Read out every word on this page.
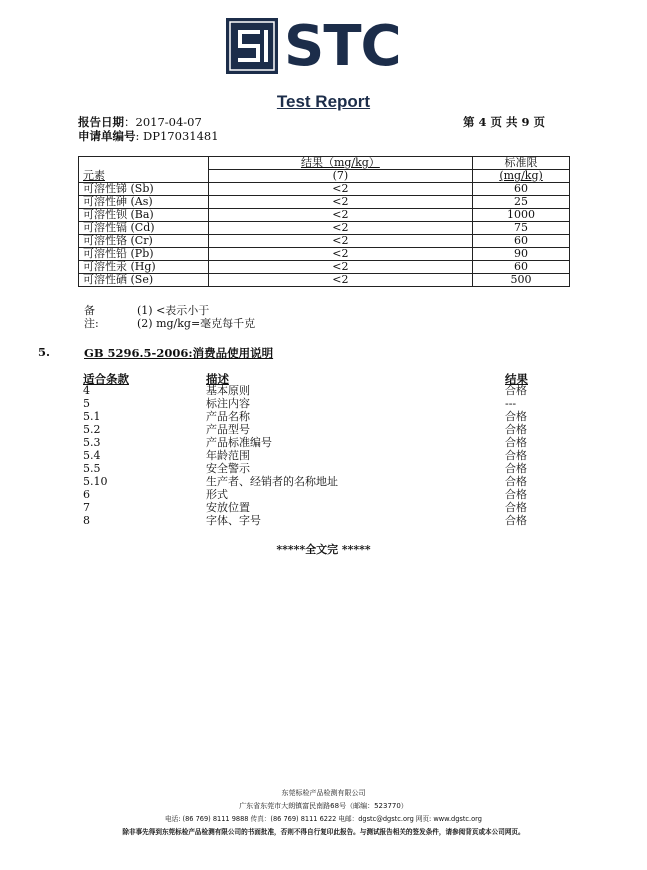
STC
Test Report
报告日期：2017-04-07
申请单编号: DP17031481
第 4 页 共 9 页
元素	结果（mg/kg）	标准限
	(7)	(mg/kg)
可溶性锑 (Sb)	<2	60
可溶性砷 (As)	<2	25
可溶性钡 (Ba)	<2	1000
可溶性镉 (Cd)	<2	75
可溶性铬 (Cr)	<2	60
可溶性铅 (Pb)	<2	90
可溶性汞 (Hg)	<2	60
可溶性硒 (Se)	<2	500
备注:
(1) <表示小于
(2) mg/kg=毫克每千克
5.	GB 5296.5-2006:消费品使用说明
适合条款	描述	结果
4	基本原则	合格
5	标注内容	---
5.1	产品名称	合格
5.2	产品型号	合格
5.3	产品标准编号	合格
5.4	年龄范围	合格
5.5	安全警示	合格
5.10	生产者、经销者的名称地址	合格
6	形式	合格
7	安放位置	合格
8	字体、字号	合格
*****全文完 *****
东莞标检产品检测有限公司
广东省东莞市大朗镇富民南路68号（邮编：523770）
电话: (86 769) 8111 9888 传真：(86 769) 8111 6222 电邮：dgstc@dgstc.org 网页: www.dgstc.org
除非事先得到东莞标检产品检测有限公司的书面批准，否则不得自行复印此报告。与测试报告相关的签发条件，请参阅背页或本公司网页。
